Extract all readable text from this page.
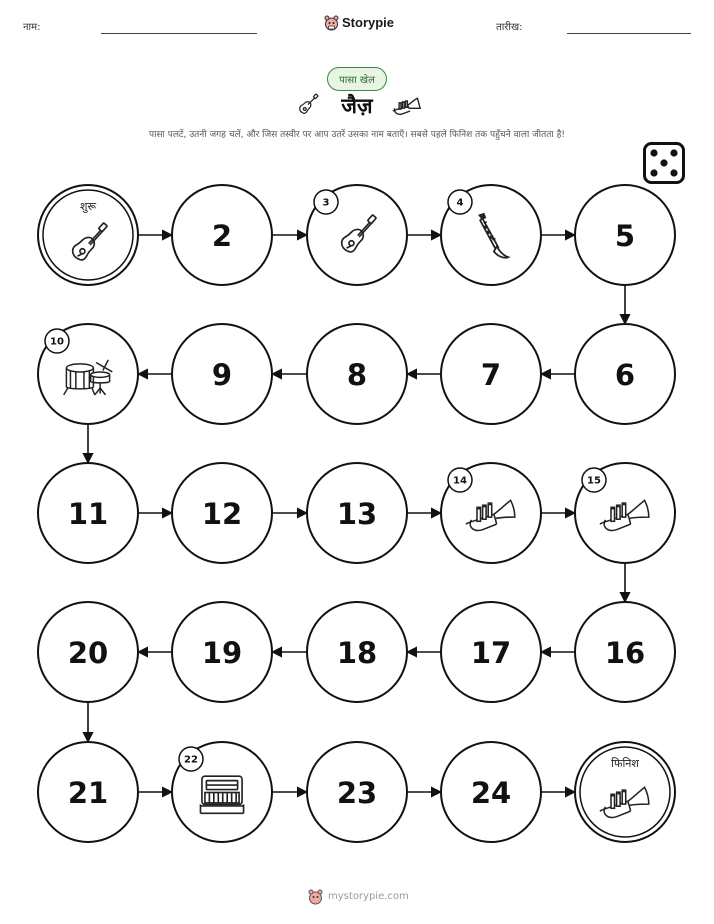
नाम:	Storypie	तारीख:
पासा खेल
जैज़
पासा पलटें, उतनी जगह चलें, और जिस तस्वीर पर आप उतरें उसका नाम बताएँ। सबसे पहले फिनिश तक पहुँचने वाला जीतता है!
शुरू
2
3	4
5
6
7
8
9
10
11	12	13
14	15
16
17
18
19
20
21
22
23	24
फिनिश
mystorypie.com
